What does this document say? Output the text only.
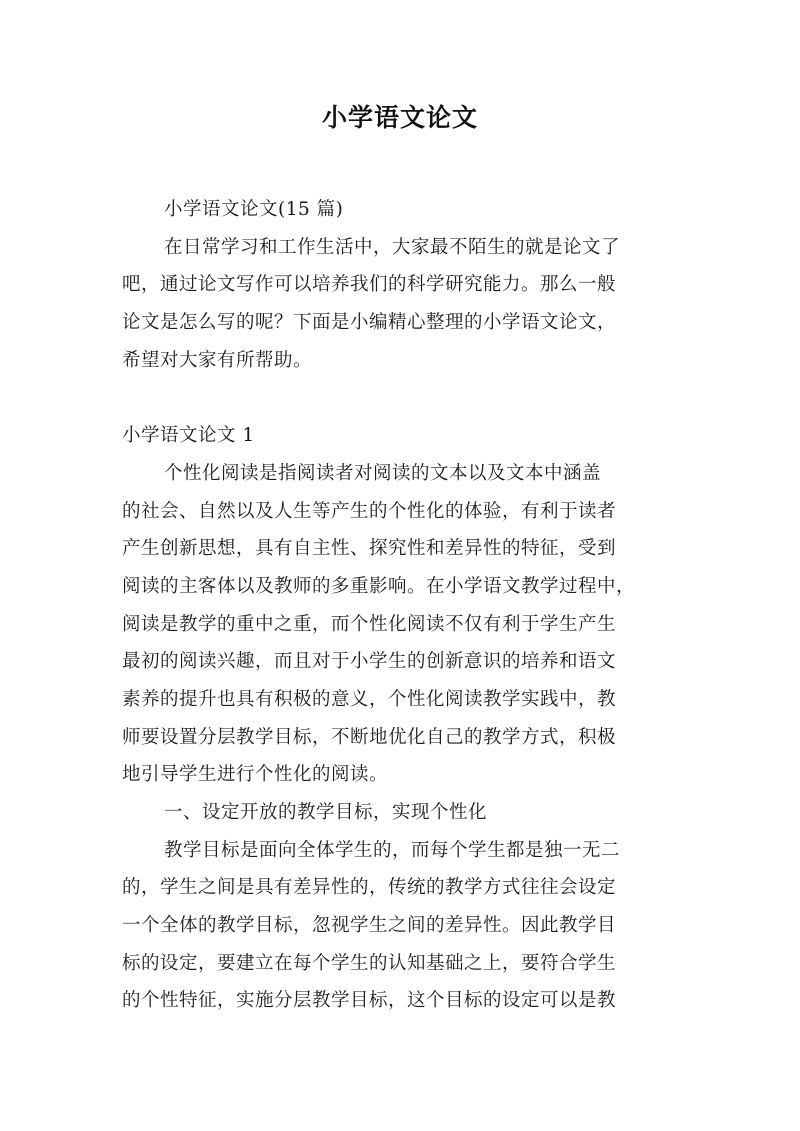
小学语文论文
小学语文论文(15 篇)
在日常学习和工作生活中，大家最不陌生的就是论文了
吧，通过论文写作可以培养我们的科学研究能力。那么一般
论文是怎么写的呢？下面是小编精心整理的小学语文论文，
希望对大家有所帮助。
小学语文论文 1
个性化阅读是指阅读者对阅读的文本以及文本中涵盖
的社会、自然以及人生等产生的个性化的体验，有利于读者
产生创新思想，具有自主性、探究性和差异性的特征，受到
阅读的主客体以及教师的多重影响。在小学语文教学过程中，
阅读是教学的重中之重，而个性化阅读不仅有利于学生产生
最初的阅读兴趣，而且对于小学生的创新意识的培养和语文
素养的提升也具有积极的意义，个性化阅读教学实践中，教
师要设置分层教学目标，不断地优化自己的教学方式，积极
地引导学生进行个性化的阅读。
一、设定开放的教学目标，实现个性化
教学目标是面向全体学生的，而每个学生都是独一无二
的，学生之间是具有差异性的，传统的教学方式往往会设定
一个全体的教学目标，忽视学生之间的差异性。因此教学目
标的设定，要建立在每个学生的认知基础之上，要符合学生
的个性特征，实施分层教学目标，这个目标的设定可以是教
